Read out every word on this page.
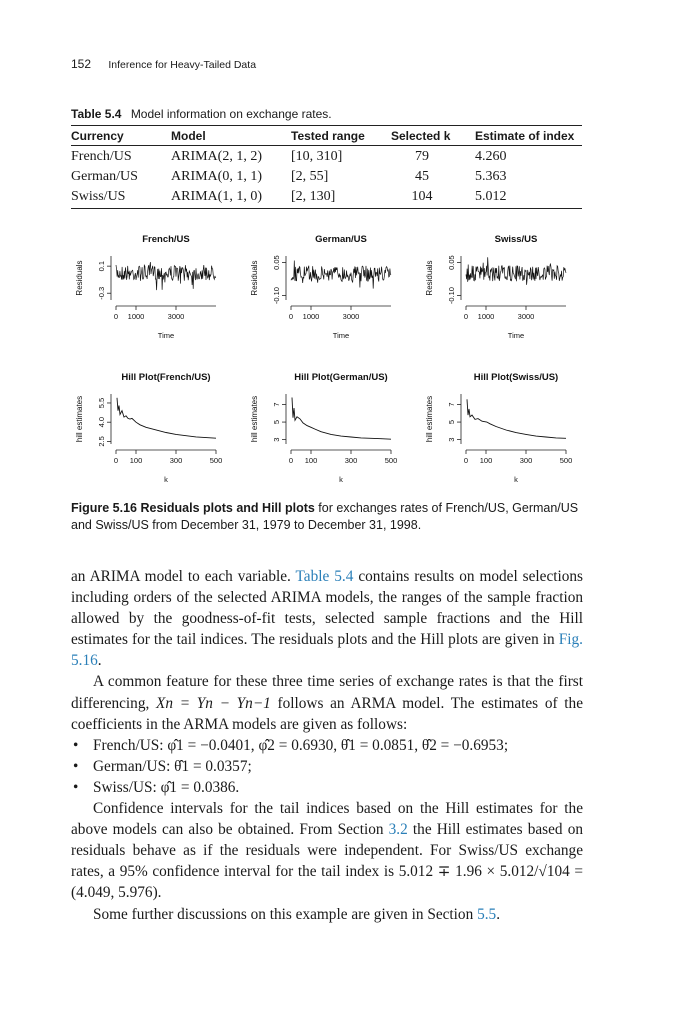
152 Inference for Heavy-Tailed Data
Table 5.4 Model information on exchange rates.
Currency	Model	Tested range	Selected k	Estimate of index
French/US	ARIMA(2, 1, 2)	[10, 310]	79	4.260
German/US	ARIMA(0, 1, 1)	[2, 55]	45	5.363
Swiss/US	ARIMA(1, 1, 0)	[2, 130]	104	5.012
French/US
Residuals
Time
0 1000	3000
-0.3
0.1
German/US
Residuals
Time
0 1000	3000
-0.10
0.05
Swiss/US
Residuals
Time
0 1000	3000
-0.10
0.05
Hill Plot(French/US)
hill estimates
k
0 100	300	500
2.5
4.0
5.5
Hill Plot(German/US)
hill estimates
k
0 100	300	500
3
5
7
Hill Plot(Swiss/US)
hill estimates
k
0 100	300	500
3
5
7
Figure 5.16 Residuals plots and Hill plots for exchanges rates of French/US, German/US and Swiss/US from December 31, 1979 to December 31, 1998.

an ARIMA model to each variable. Table 5.4 contains results on model selections including orders of the selected ARIMA models, the ranges of the sample fraction allowed by the goodness-of-fit tests, selected sample fractions and the Hill estimates for the tail indices. The residuals plots and the Hill plots are given in Fig. 5.16.

A common feature for these three time series of exchange rates is that the first differencing, Xn = Yn − Yn−1 follows an ARMA model. The estimates of the coefficients in the ARMA models are given as follows:

• French/US: φ̂1 = −0.0401, φ̂2 = 0.6930, θ̂1 = 0.0851, θ̂2 = −0.6953;
• German/US: θ̂1 = 0.0357;
• Swiss/US: φ̂1 = 0.0386.

Confidence intervals for the tail indices based on the Hill estimates for the above models can also be obtained. From Section 3.2 the Hill estimates based on residuals behave as if the residuals were independent. For Swiss/US exchange rates, a 95% confidence interval for the tail index is 5.012 ∓ 1.96 × 5.012/√104 = (4.049, 5.976).

Some further discussions on this example are given in Section 5.5.
